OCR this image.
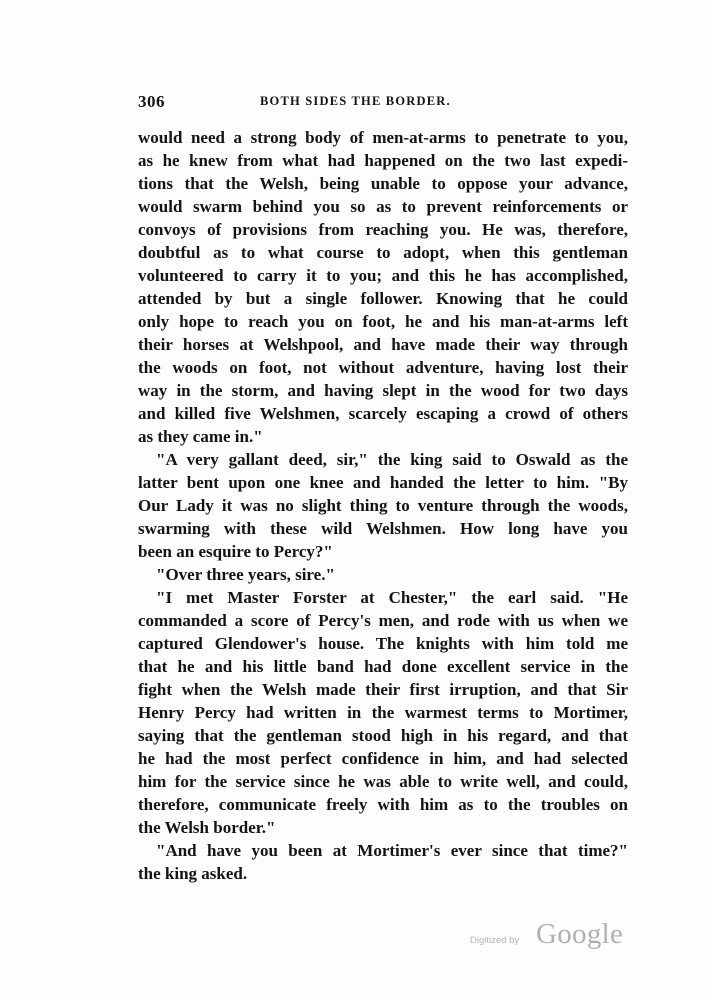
306	BOTH SIDES THE BORDER.
would need a strong body of men-at-arms to penetrate to you,
as he knew from what had happened on the two last expedi-
tions that the Welsh, being unable to oppose your advance,
would swarm behind you so as to prevent reinforcements or
convoys of provisions from reaching you. He was, therefore,
doubtful as to what course to adopt, when this gentleman
volunteered to carry it to you; and this he has accomplished,
attended by but a single follower. Knowing that he could
only hope to reach you on foot, he and his man-at-arms left
their horses at Welshpool, and have made their way through
the woods on foot, not without adventure, having lost their
way in the storm, and having slept in the wood for two days
and killed five Welshmen, scarcely escaping a crowd of others
as they came in."
"A very gallant deed, sir," the king said to Oswald as the
latter bent upon one knee and handed the letter to him. "By
Our Lady it was no slight thing to venture through the woods,
swarming with these wild Welshmen. How long have you
been an esquire to Percy?"
"Over three years, sire."
"I met Master Forster at Chester," the earl said. "He
commanded a score of Percy's men, and rode with us when we
captured Glendower's house. The knights with him told me
that he and his little band had done excellent service in the
fight when the Welsh made their first irruption, and that Sir
Henry Percy had written in the warmest terms to Mortimer,
saying that the gentleman stood high in his regard, and that
he had the most perfect confidence in him, and had selected
him for the service since he was able to write well, and could,
therefore, communicate freely with him as to the troubles on
the Welsh border."
"And have you been at Mortimer's ever since that time?"
the king asked.
Digitized by Google
